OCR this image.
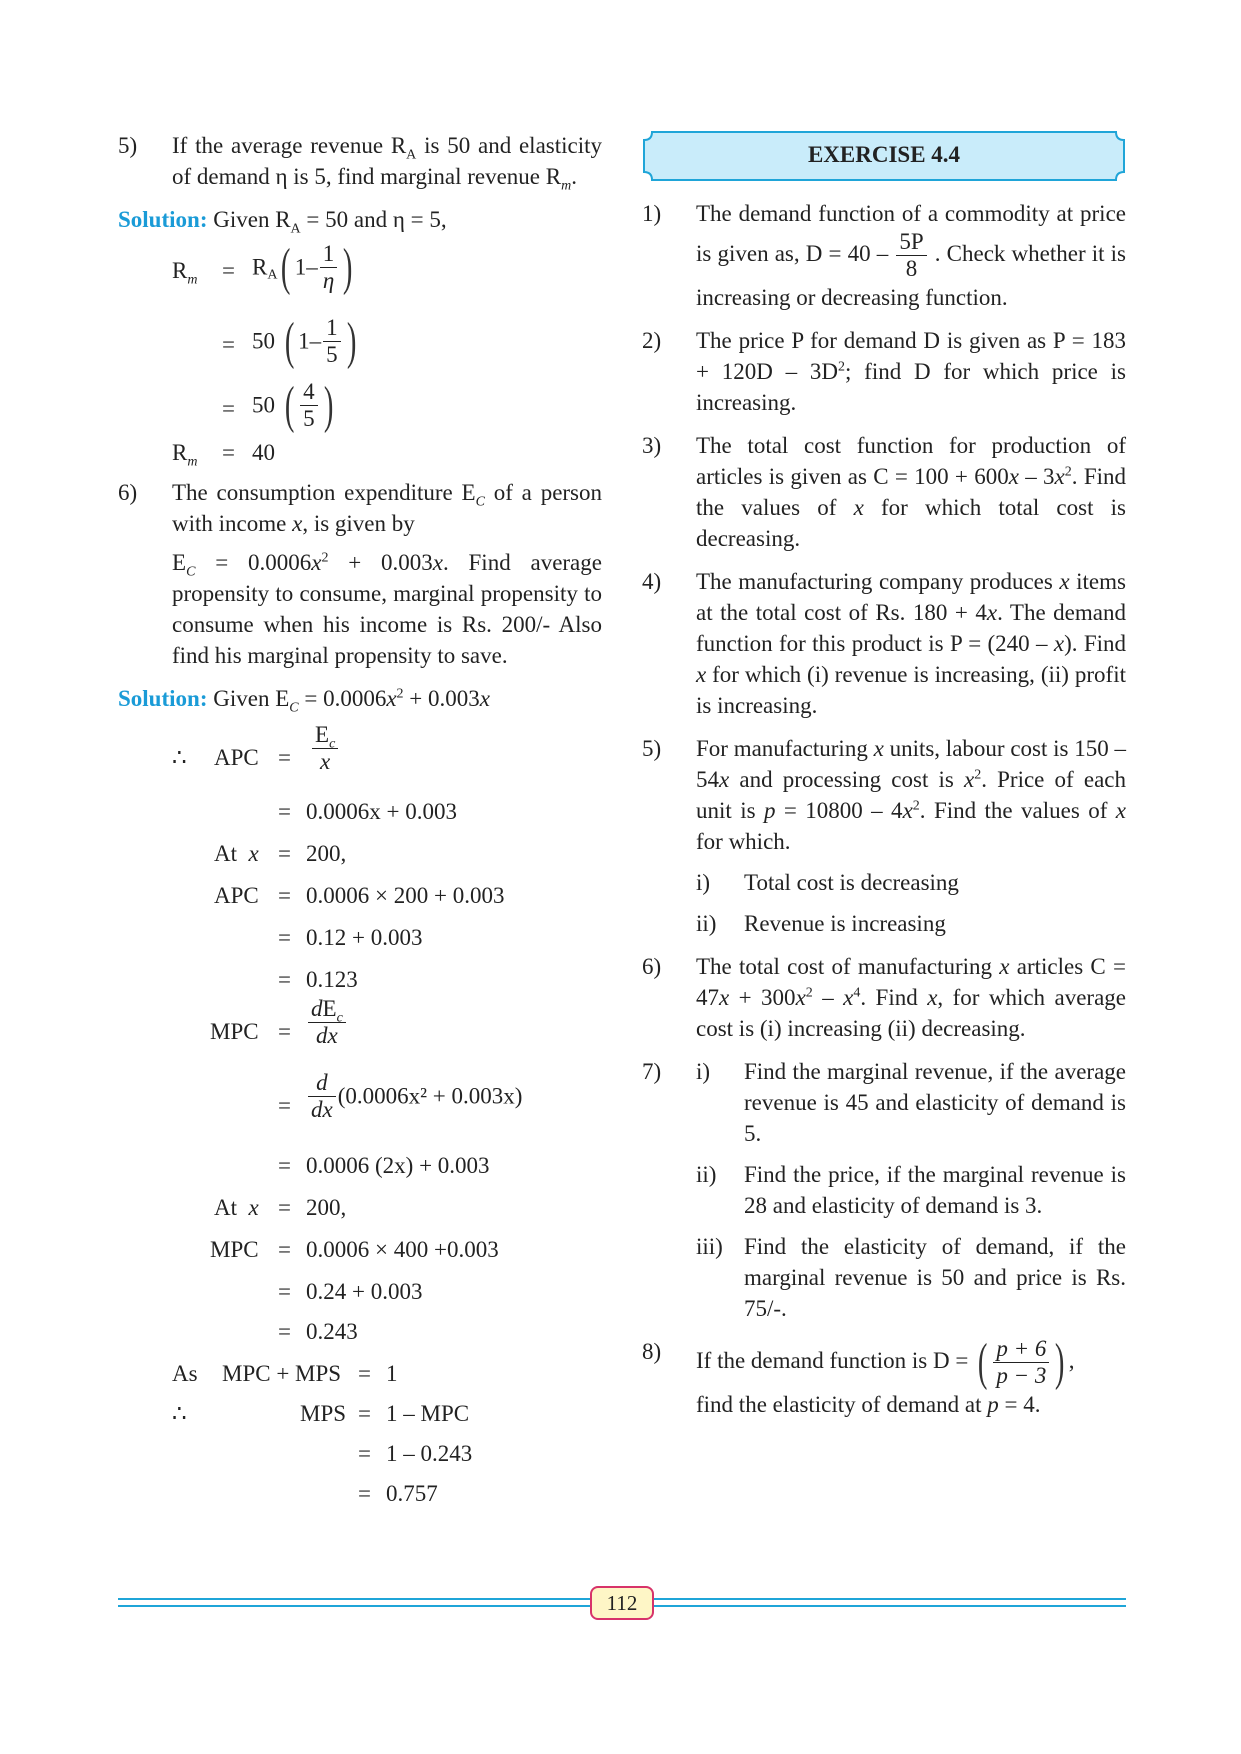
5) If the average revenue $R_A$ is 50 and elasticity of demand η is 5, find marginal revenue $R_m$.
Solution: Given $R_A = 50$ and η = 5,
$R_m = R_A$( $1- \frac{1}{\eta}$ )
= 50 ( $1- \frac{1}{5}$ )
= 50 ( $\frac{4}{5}$ )
$R_m = 40$
6) The consumption expenditure $E_C$ of a person with income x, is given by
$E_C = 0.0006x^2 + 0.003x$. Find average propensity to consume, marginal propensity to consume when his income is Rs. 200/- Also find his marginal propensity to save.
Solution: Given $E_C = 0.0006x^2 + 0.003x$
∴ APC = $\frac{E_c}{x}$
= 0.0006x + 0.003
At x = 200,
APC = 0.0006 × 200 + 0.003
= 0.12 + 0.003
= 0.123
MPC = $\frac{dE_c}{dx}$
= $\frac{d}{dx} (0.0006x^2 + 0.003x)$
= 0.0006 (2x) + 0.003
At x = 200,
MPC = 0.0006 × 400 +0.003
= 0.24 + 0.003
= 0.243
As MPC + MPS = 1
∴	MPS = 1 – MPC
= 1 – 0.243
= 0.757
EXERCISE 4.4
1) The demand function of a commodity at price is given as, $D = 40 - \frac{5P}{8}$ . Check whether it is increasing or decreasing function.
2) The price P for demand D is given as $P = 183 + 120D - 3D^2$; find D for which price is increasing.
3) The total cost function for production of articles is given as $C = 100 + 600x - 3x^2$. Find the values of x for which total cost is decreasing.
4) The manufacturing company produces x items at the total cost of Rs. 180 + 4x. The demand function for this product is P = (240 – x). Find x for which (i) revenue is increasing, (ii) profit is increasing.
5) For manufacturing x units, labour cost is 150 – 54x and processing cost is $x^2$. Price of each unit is $p = 10800 - 4x^2$. Find the values of x for which.
i) Total cost is decreasing
ii) Revenue is increasing
6) The total cost of manufacturing x articles $C = 47x + 300x^2 - x^4$. Find x, for which average cost is (i) increasing (ii) decreasing.
7) i) Find the marginal revenue, if the average revenue is 45 and elasticity of demand is 5.
ii) Find the price, if the marginal revenue is 28 and elasticity of demand is 3.
iii) Find the elasticity of demand, if the marginal revenue is 50 and price is Rs. 75/-.
8) If the demand function is D = ( $\frac{p + 6}{p - 3}$ ) ,
find the elasticity of demand at p = 4.
112
